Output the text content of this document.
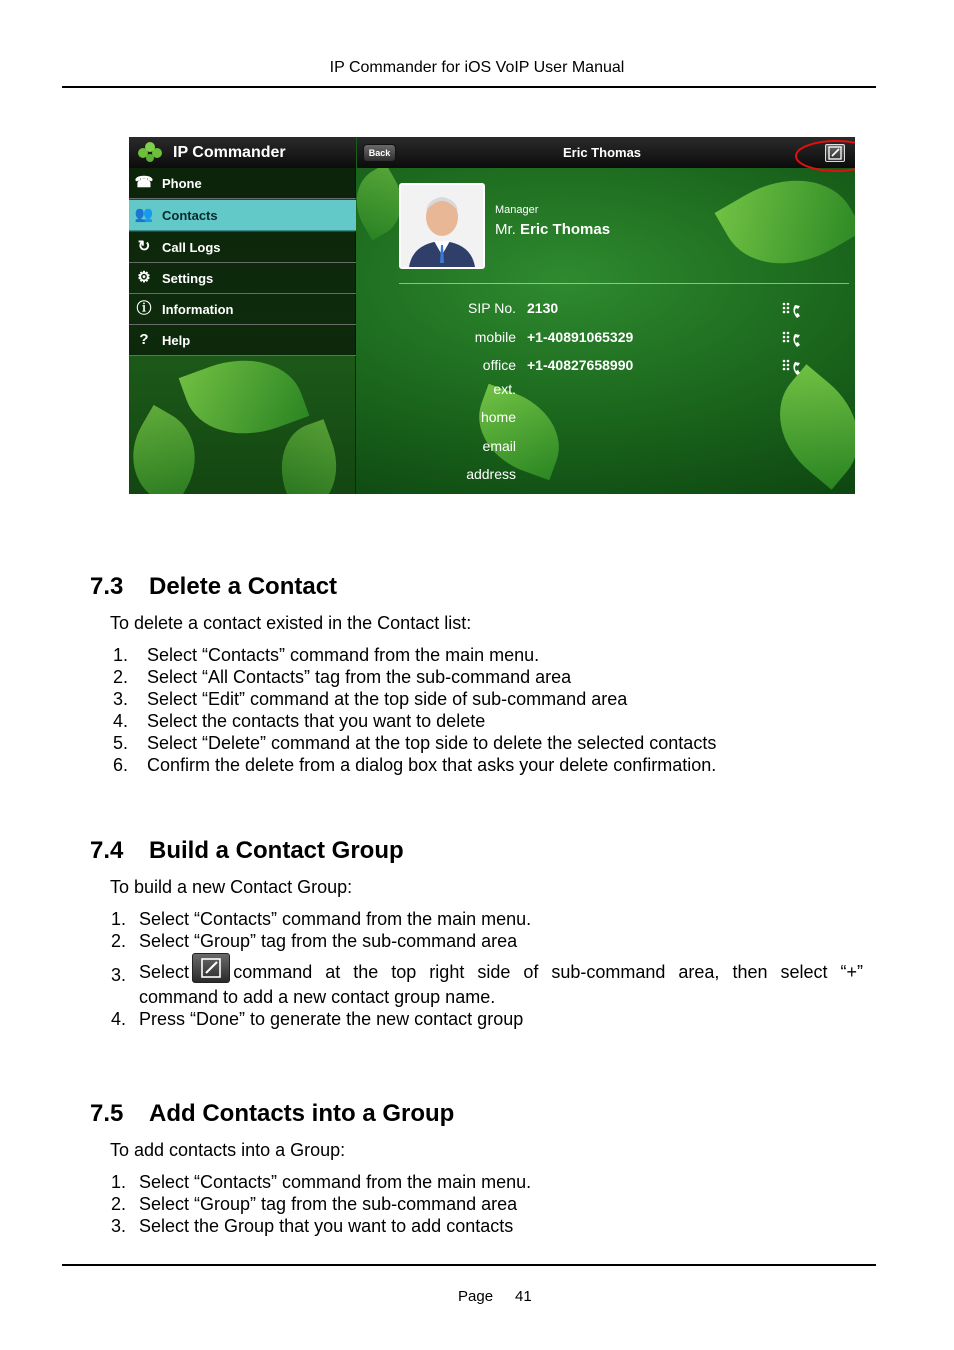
IP Commander for iOS VoIP User Manual
IP Commander
☎ Phone
👥 Contacts
↻ Call Logs
⚙ Settings
ⓘ Information
?	Help
Back	Eric Thomas
Manager
Mr. Eric Thomas
SIP No. 2130
mobile +1-40891065329
office +1-40827658990
ext.
home
email
address
7.3 Delete a Contact
To delete a contact existed in the Contact list:
1. Select “Contacts” command from the main menu.
2. Select “All Contacts” tag from the sub-command area
3. Select “Edit” command at the top side of sub-command area
4. Select the contacts that you want to delete
5. Select “Delete” command at the top side to delete the selected contacts
6. Confirm the delete from a dialog box that asks your delete confirmation.
7.4 Build a Contact Group
To build a new Contact Group:
1. Select “Contacts” command from the main menu.
2. Select “Group” tag from the sub-command area
3. Select command at the top right side of sub-command area, then select “+”
command to add a new contact group name.
4. Press “Done” to generate the new contact group
7.5 Add Contacts into a Group
To add contacts into a Group:
1. Select “Contacts” command from the main menu.
2. Select “Group” tag from the sub-command area
3. Select the Group that you want to add contacts
Page 41
